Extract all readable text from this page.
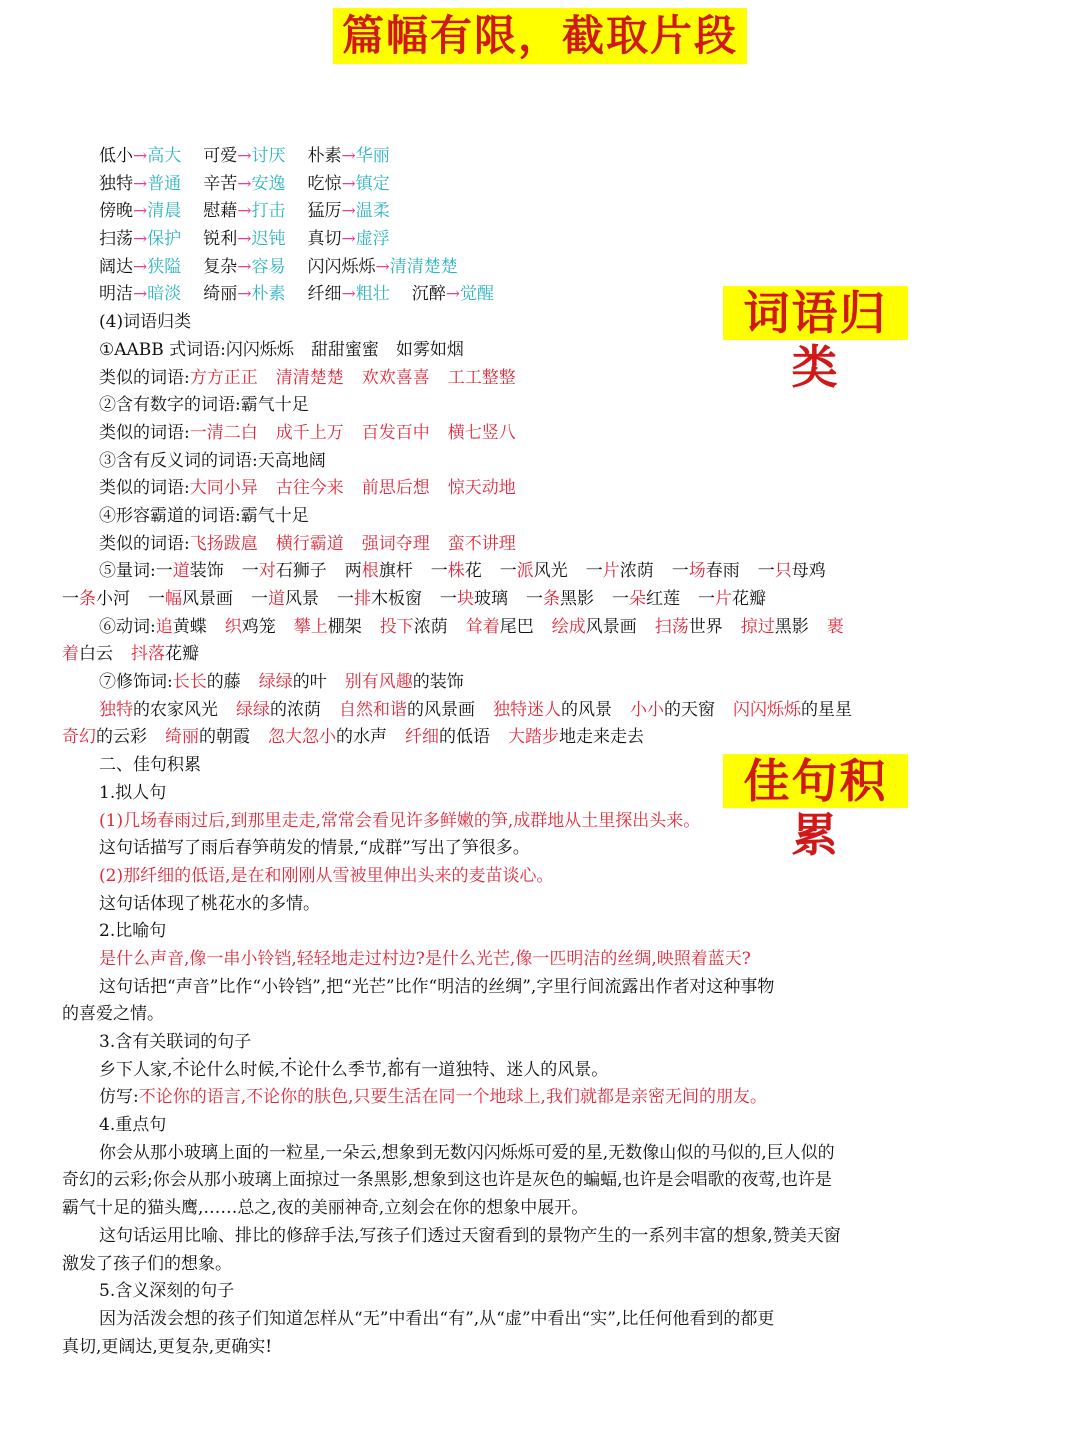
篇幅有限，截取片段
词语归类
佳句积累
低小→高大 可爱→讨厌 朴素→华丽
独特→普通 辛苦→安逸 吃惊→镇定
傍晚→清晨 慰藉→打击 猛厉→温柔
扫荡→保护 锐利→迟钝 真切→虚浮
阔达→狭隘 复杂→容易 闪闪烁烁→清清楚楚
明洁→暗淡 绮丽→朴素 纤细→粗壮 沉醉→觉醒
(4)词语归类
①AABB 式词语:闪闪烁烁　甜甜蜜蜜　如雾如烟
类似的词语:方方正正 清清楚楚 欢欢喜喜 工工整整
②含有数字的词语:霸气十足
类似的词语:一清二白 成千上万 百发百中 横七竖八
③含有反义词的词语:天高地阔
类似的词语:大同小异 古往今来 前思后想 惊天动地
④形容霸道的词语:霸气十足
类似的词语:飞扬跋扈 横行霸道 强词夺理 蛮不讲理
⑤量词:一道装饰 一对石狮子 两根旗杆 一株花 一派风光 一片浓荫 一场春雨 一只母鸡
一条小河 一幅风景画 一道风景 一排木板窗 一块玻璃 一条黑影 一朵红莲 一片花瓣
⑥动词:追黄蝶 织鸡笼 攀上棚架 投下浓荫 耸着尾巴 绘成风景画 扫荡世界 掠过黑影 裹
着白云 抖落花瓣
⑦修饰词:长长的藤 绿绿的叶 别有风趣的装饰
独特的农家风光 绿绿的浓荫 自然和谐的风景画 独特迷人的风景 小小的天窗 闪闪烁烁的星星
奇幻的云彩 绮丽的朝霞 忽大忽小的水声 纤细的低语 大踏步地走来走去
二、佳句积累
1.拟人句
(1)几场春雨过后,到那里走走,常常会看见许多鲜嫩的笋,成群地从土里探出头来。
这句话描写了雨后春笋萌发的情景,“成群”写出了笋很多。
(2)那纤细的低语,是在和刚刚从雪被里伸出头来的麦苗谈心。
这句话体现了桃花水的多情。
2.比喻句
是什么声音,像一串小铃铛,轻轻地走过村边?是什么光芒,像一匹明洁的丝绸,映照着蓝天?
这句话把“声音”比作“小铃铛”,把“光芒”比作“明洁的丝绸”,字里行间流露出作者对这种事物
的喜爱之情。
3.含有关联词的句子
乡下人家,不论什么时候,不论什么季节,都有一道独特、迷人的风景。
仿写:不论你的语言,不论你的肤色,只要生活在同一个地球上,我们就都是亲密无间的朋友。
4.重点句
你会从那小玻璃上面的一粒星,一朵云,想象到无数闪闪烁烁可爱的星,无数像山似的马似的,巨人似的
奇幻的云彩;你会从那小玻璃上面掠过一条黑影,想象到这也许是灰色的蝙蝠,也许是会唱歌的夜莺,也许是
霸气十足的猫头鹰,……总之,夜的美丽神奇,立刻会在你的想象中展开。
这句话运用比喻、排比的修辞手法,写孩子们透过天窗看到的景物产生的一系列丰富的想象,赞美天窗
激发了孩子们的想象。
5.含义深刻的句子
因为活泼会想的孩子们知道怎样从“无”中看出“有”,从“虚”中看出“实”,比任何他看到的都更
真切,更阔达,更复杂,更确实!
